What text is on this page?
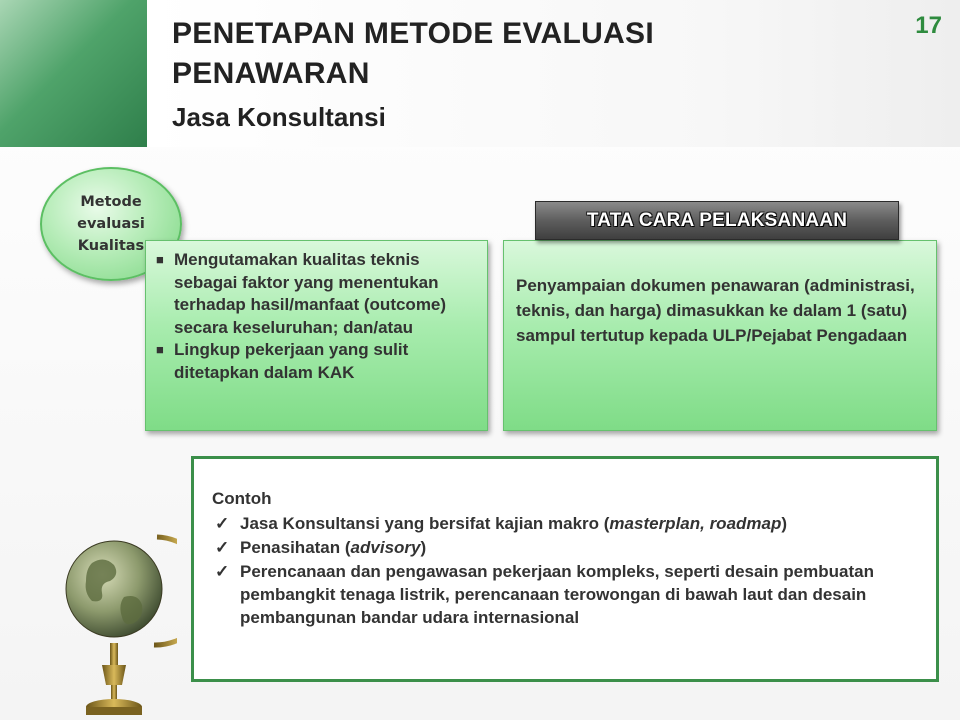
PENETAPAN METODE EVALUASI PENAWARAN
Jasa Konsultansi
17
Metode
evaluasi
Kualitas
■ Mengutamakan kualitas teknis sebagai faktor yang menentukan terhadap hasil/manfaat (outcome) secara keseluruhan; dan/atau
■ Lingkup pekerjaan yang sulit ditetapkan dalam KAK
TATA CARA PELAKSANAAN

Penyampaian dokumen penawaran (administrasi, teknis, dan harga) dimasukkan ke dalam 1 (satu) sampul tertutup kepada ULP/Pejabat Pengadaan

Contoh

✓ Jasa Konsultansi yang bersifat kajian makro (masterplan, roadmap)
✓ Penasihatan (advisory)
✓ Perencanaan dan pengawasan pekerjaan kompleks, seperti desain pembuatan pembangkit tenaga listrik, perencanaan terowongan di bawah laut dan desain pembangunan bandar udara internasional
